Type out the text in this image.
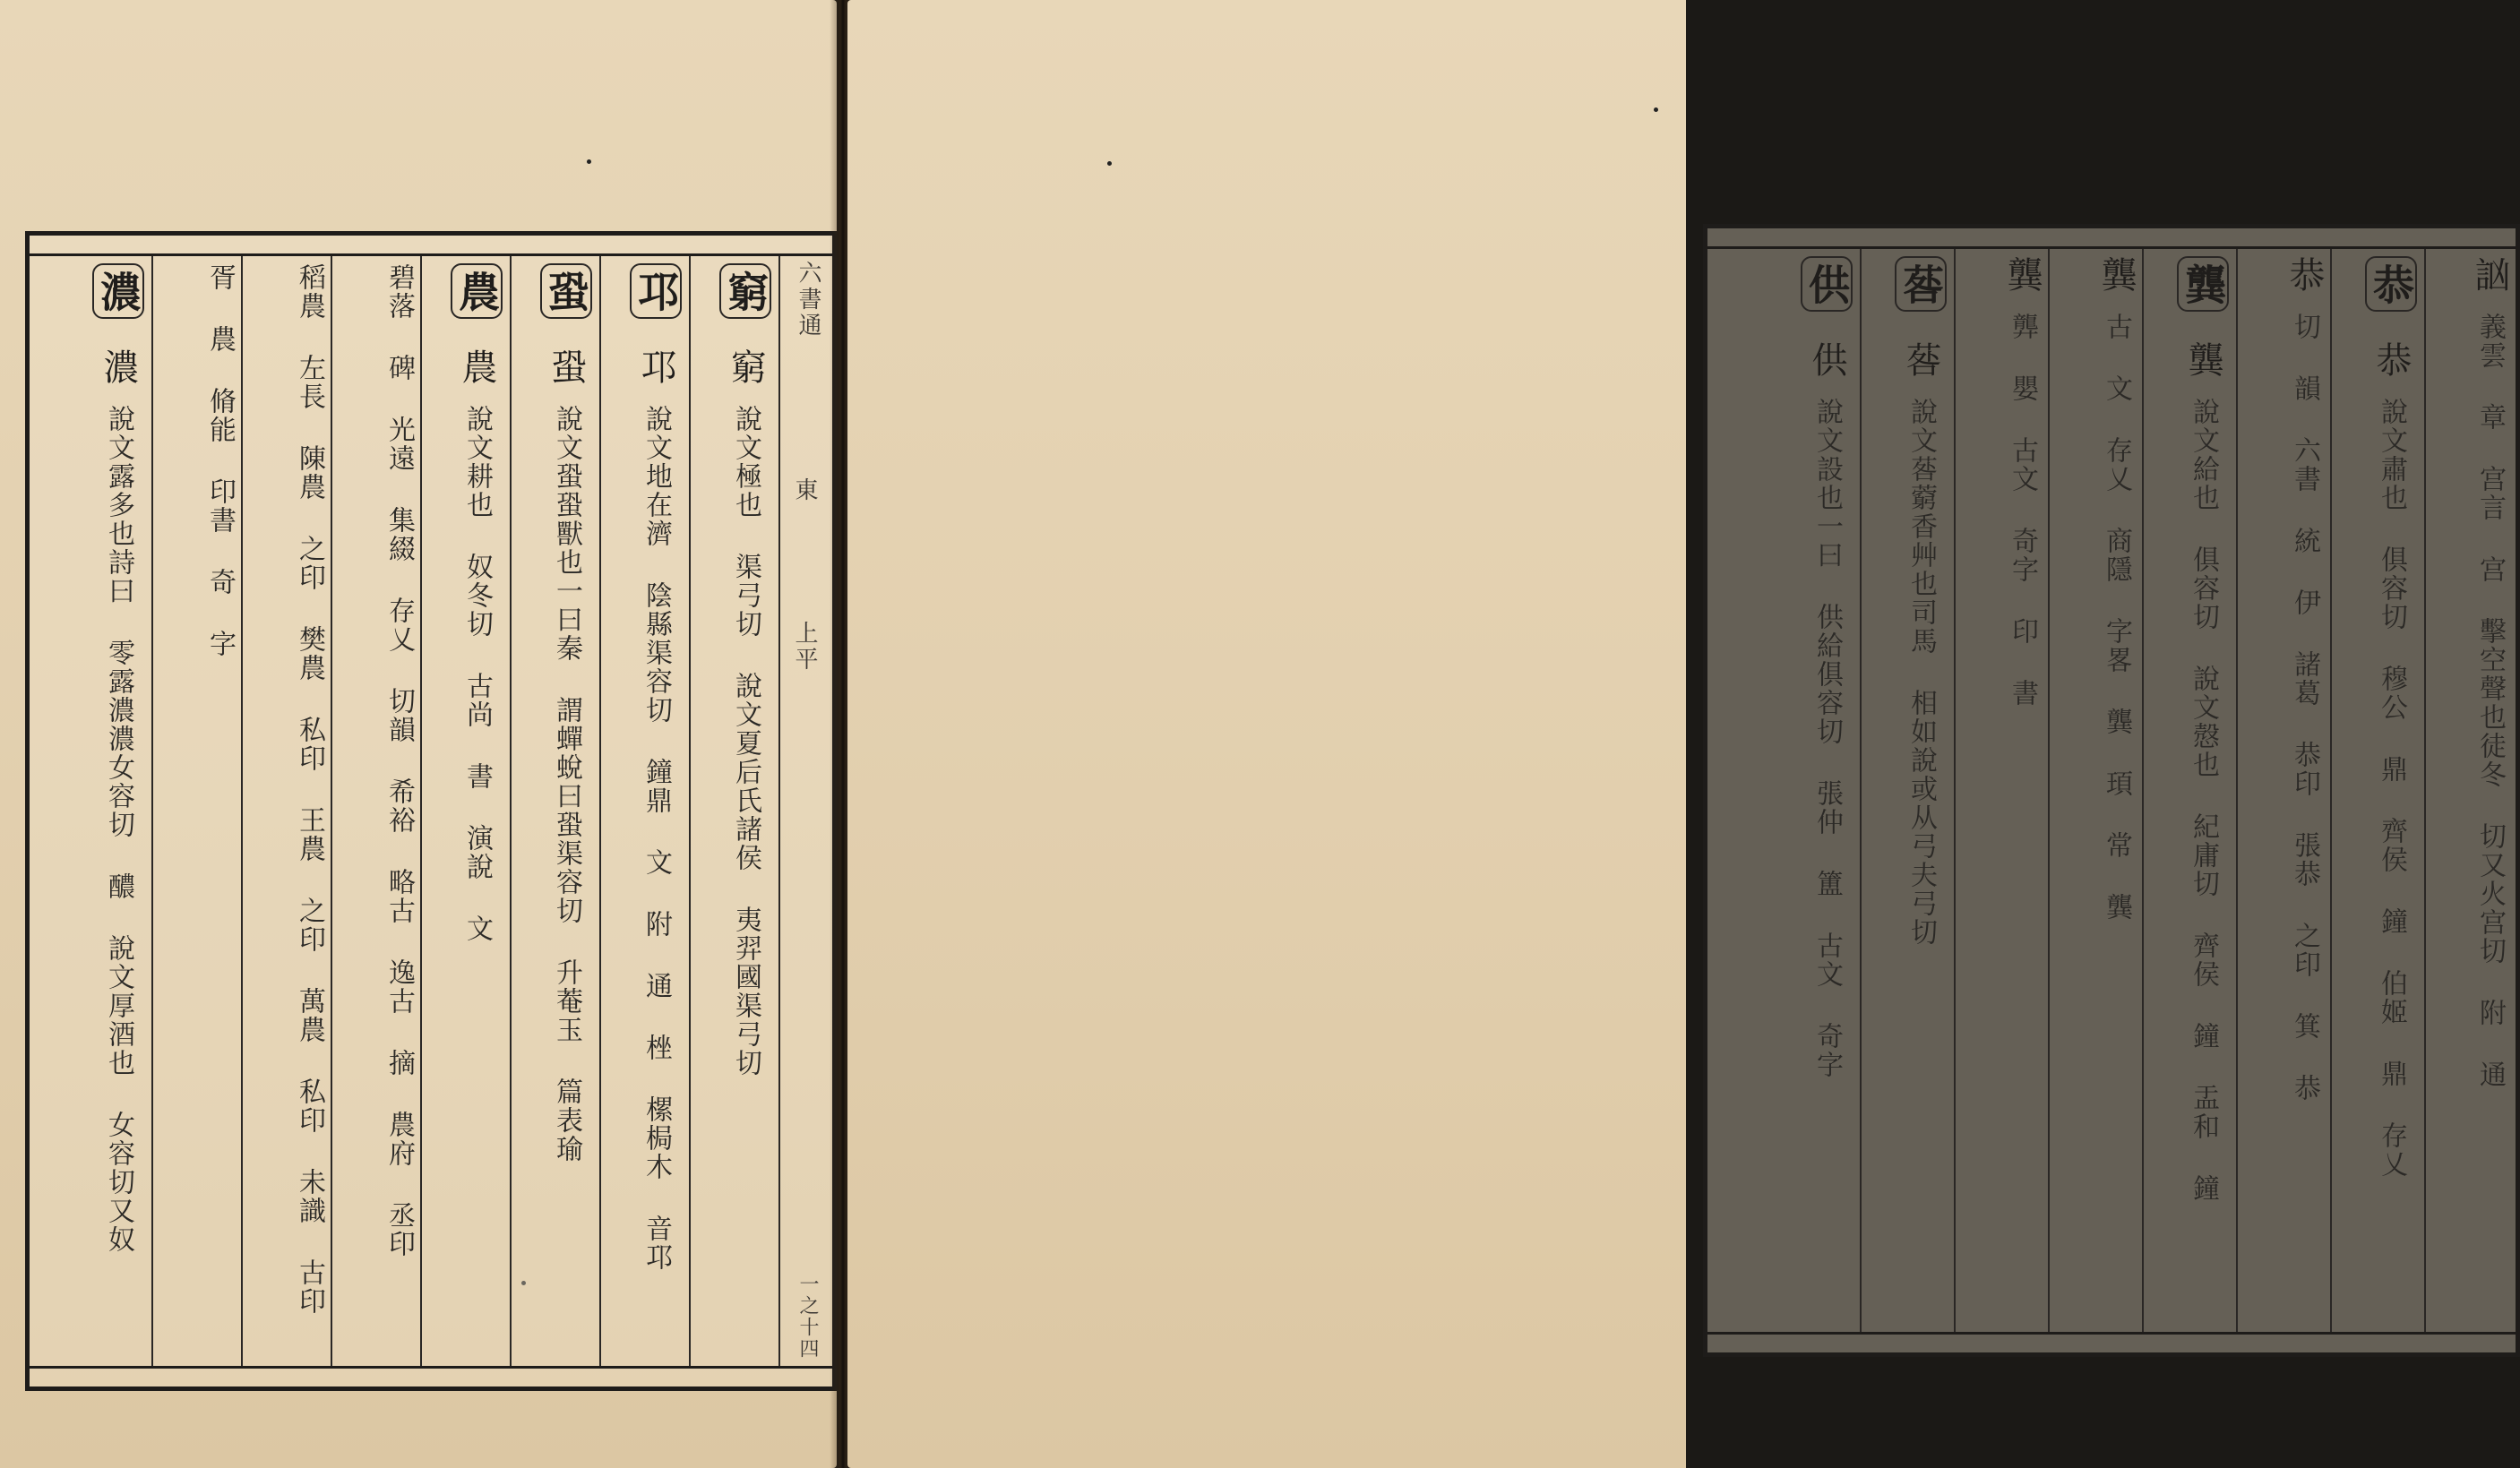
六書通
東
上平
一之十四
窮 窮 說文極也 渠弓切 說文夏后氏諸侯 夷羿國渠弓切
邛 邛 說文地在濟 陰縣渠容切 鐘鼎 文 附 通 㭫 樏梮木 音邛
蛩 蛩 說文蛩蛩獸也一曰秦 謂蟬蛻曰蛩渠容切 升菴玉 篇表瑜
農 農 說文耕也 奴冬切 古尚 書 演說 文
碧落 碑 光遠 集綴 存乂 切韻 希裕 略古 逸古 摘 農府 丞印
稻農 左長 陳農 之印 樊農 私印 王農 之印 萬農 私印 未識 古印
胥 農 脩能 印書 奇 字
濃 濃 說文露多也詩曰 零露濃濃女容切 醲 說文厚酒也 女容切又奴
訩 義雲 章 宫言 宫 擊空聲也徒冬 切又火宫切 附 通
恭 恭 說文肅也 俱容切 穆公 鼎 齊侯 鐘 伯姬 鼎 存乂
恭 切 韻 六書 統 伊 諸葛 恭印 張恭 之印 箕 恭
龔 龔 說文給也 俱容切 說文慤也 紀庸切 齊侯 鐘 盂和 鐘
龔 古 文 存乂 商隱 字畧 龔 頊 常 龔
龔 龏 嬰 古文 奇字 印 書
䓘 䓘 說文䓘藭香艸也司馬 相如說或从弓夫弓切
供 供 說文設也一曰 供給俱容切 張仲 簠 古文 奇字
